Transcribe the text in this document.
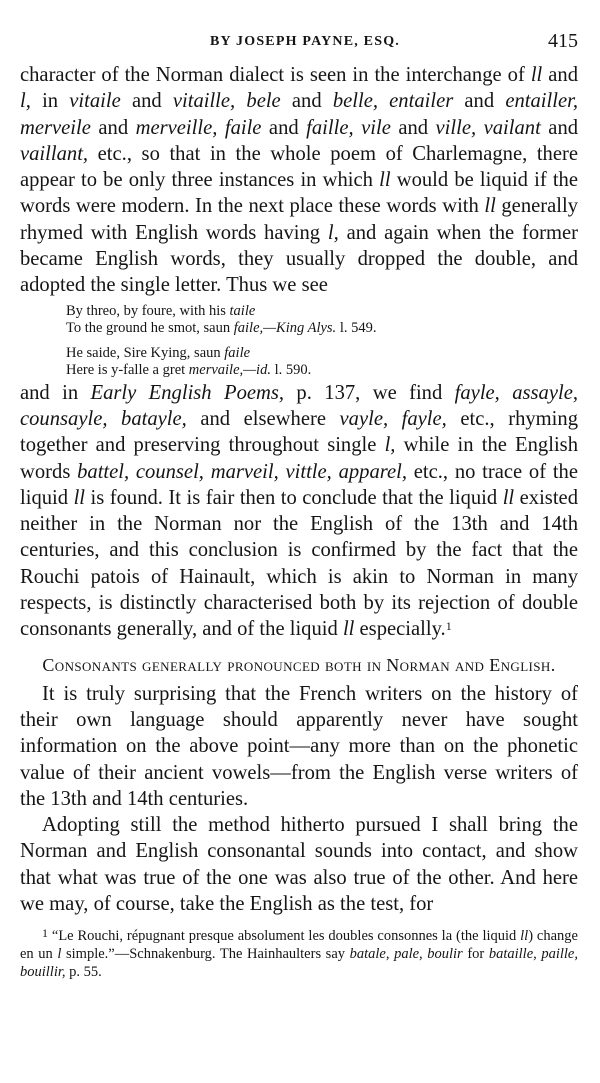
BY JOSEPH PAYNE, ESQ.	415

character of the Norman dialect is seen in the interchange of ll and l, in vitaile and vitaille, bele and belle, entailer and entailler, merveile and merveille, faile and faille, vile and ville, vailant and vaillant, etc., so that in the whole poem of Charlemagne, there appear to be only three instances in which ll would be liquid if the words were modern. In the next place these words with ll generally rhymed with English words having l, and again when the former became English words, they usually dropped the double, and adopted the single letter. Thus we see

By threo, by foure, with his taile
To the ground he smot, saun faile,—King Alys. l. 549.
He saide, Sire Kying, saun faile
Here is y-falle a gret mervaile,—id. l. 590.

and in Early English Poems, p. 137, we find fayle, assayle, counsayle, batayle, and elsewhere vayle, fayle, etc., rhyming together and preserving throughout single l, while in the English words battel, counsel, marveil, vittle, apparel, etc., no trace of the liquid ll is found. It is fair then to conclude that the liquid ll existed neither in the Norman nor the English of the 13th and 14th centuries, and this conclusion is confirmed by the fact that the Rouchi patois of Hainault, which is akin to Norman in many respects, is distinctly characterised both by its rejection of double consonants generally, and of the liquid ll especially.$^1$

Consonants generally pronounced both in Norman and English.

It is truly surprising that the French writers on the history of their own language should apparently never have sought information on the above point—any more than on the phonetic value of their ancient vowels—from the English verse writers of the 13th and 14th centuries.

Adopting still the method hitherto pursued I shall bring the Norman and English consonantal sounds into contact, and show that what was true of the one was also true of the other. And here we may, of course, take the English as the test, for

$^1$ “Le Rouchi, répugnant presque absolument les doubles consonnes la (the liquid ll) change en un l simple.”—Schnakenburg. The Hainhaulters say batale, pale, boulir for bataille, paille, bouillir, p. 55.
